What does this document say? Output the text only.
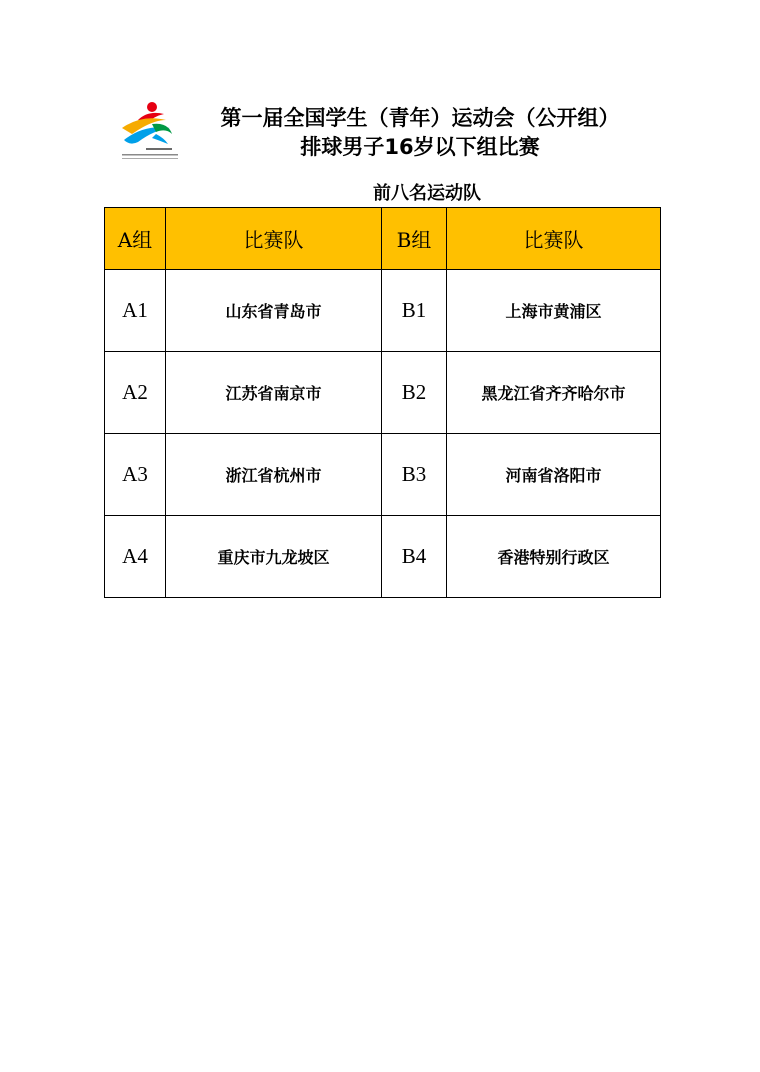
第一届全国学生（青年）运动会（公开组）
排球男子16岁以下组比赛
前八名运动队
A组	比赛队	B组	比赛队
A1	山东省青岛市	B1	上海市黄浦区
A2	江苏省南京市	B2	黑龙江省齐齐哈尔市
A3	浙江省杭州市	B3	河南省洛阳市
A4	重庆市九龙坡区	B4	香港特别行政区
